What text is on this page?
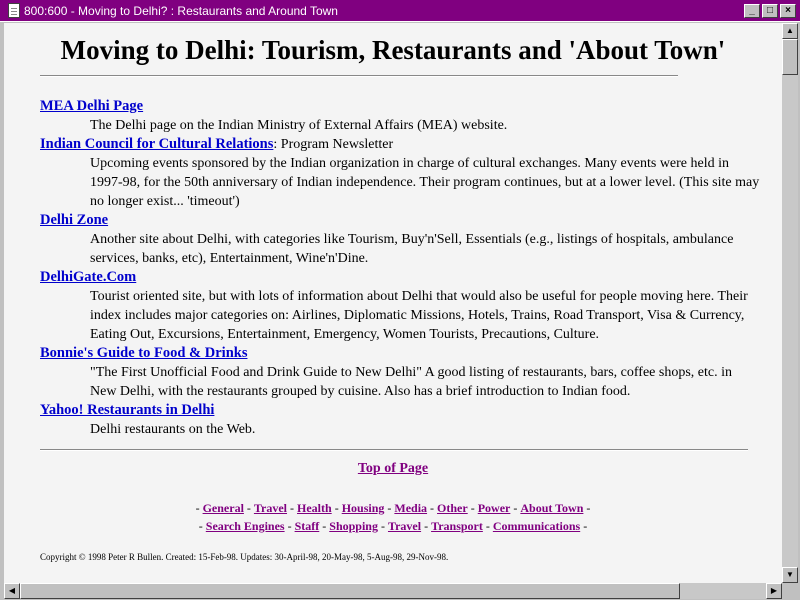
800:600 - Moving to Delhi? : Restaurants and Around Town	_	□	×
Moving to Delhi: Tourism, Restaurants and 'About Town'
MEA Delhi Page
The Delhi page on the Indian Ministry of External Affairs (MEA) website.
Indian Council for Cultural Relations: Program Newsletter
Upcoming events sponsored by the Indian organization in charge of cultural exchanges. Many events were held in 1997-98, for the 50th anniversary of Indian independence. Their program continues, but at a lower level. (This site may no longer exist... 'timeout')
Delhi Zone
Another site about Delhi, with categories like Tourism, Buy'n'Sell, Essentials (e.g., listings of hospitals, ambulance services, banks, etc), Entertainment, Wine'n'Dine.
DelhiGate.Com
Tourist oriented site, but with lots of information about Delhi that would also be useful for people moving here. Their index includes major categories on: Airlines, Diplomatic Missions, Hotels, Trains, Road Transport, Visa & Currency, Eating Out, Excursions, Entertainment, Emergency, Women Tourists, Precautions, Culture.
Bonnie's Guide to Food & Drinks
"The First Unofficial Food and Drink Guide to New Delhi" A good listing of restaurants, bars, coffee shops, etc. in New Delhi, with the restaurants grouped by cuisine. Also has a brief introduction to Indian food.
Yahoo! Restaurants in Delhi
Delhi restaurants on the Web.
Top of Page
- General - Travel - Health - Housing - Media - Other - Power - About Town -
- Search Engines - Staff - Shopping - Travel - Transport - Communications -
Copyright © 1998 Peter R Bullen. Created: 15-Feb-98. Updates: 30-April-98, 20-May-98, 5-Aug-98, 29-Nov-98.
▲
▼
◀	▶
